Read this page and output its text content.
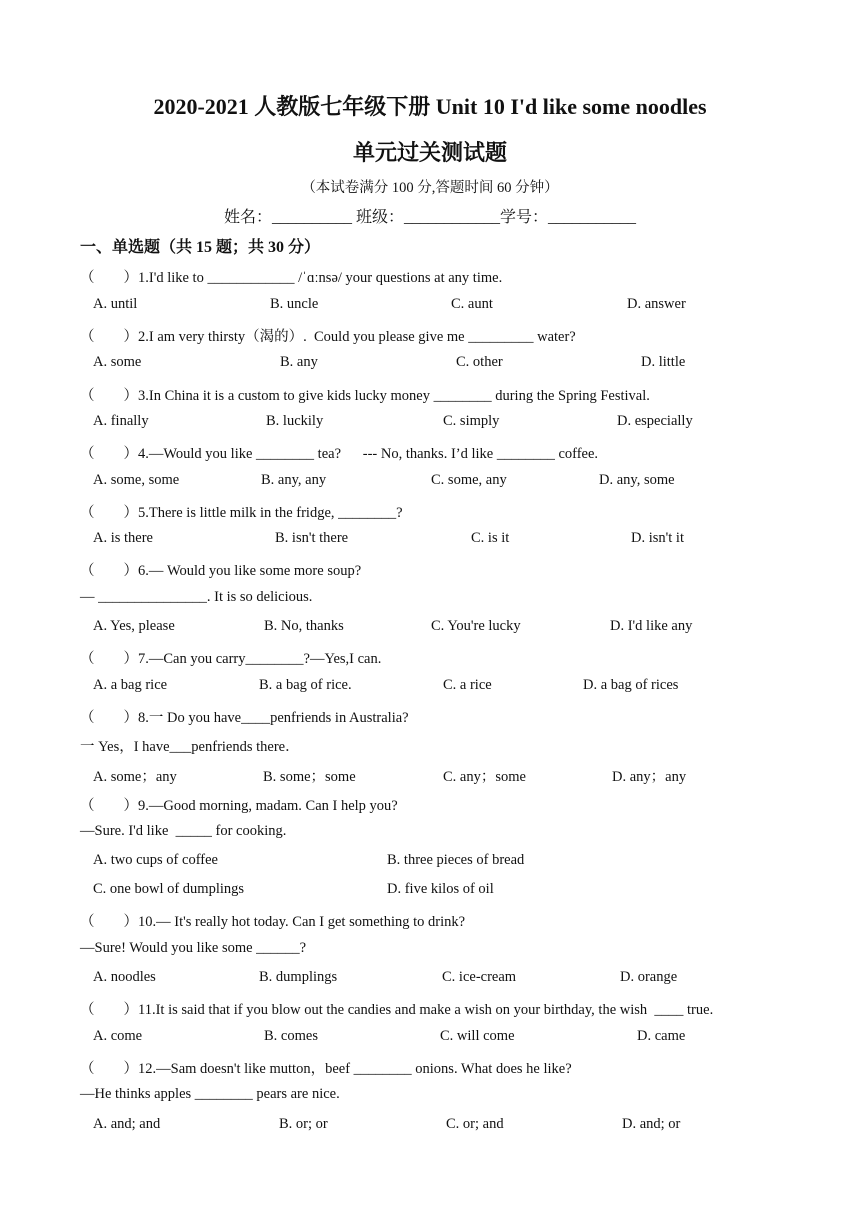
2020-2021 人教版七年级下册 Unit 10 I'd like some noodles
单元过关测试题
（本试卷满分 100 分,答题时间 60 分钟）
姓名：__________ 班级：____________学号：___________
一、单选题（共 15 题；共 30 分）
（　　）1.I'd like to ____________ /ˈɑːnsə/ your questions at any time.
A. until	B. uncle	C. aunt	D. answer
（　　）2.I am very thirsty（渴的）.  Could you please give me _________ water?
A. some	B. any	C. other	D. little
（　　）3.In China it is a custom to give kids lucky money ________ during the Spring Festival.
A. finally	B. luckily	C. simply	D. especially
（　　）4.—Would you like ________ tea?      --- No, thanks. I’d like ________ coffee.
A. some, some	B. any, any	C. some, any	D. any, some
（　　）5.There is little milk in the fridge, ________?
A. is there	B. isn't there	C. is it	D. isn't it
（　　）6.— Would you like some more soup?
— _______________. It is so delicious.
A. Yes, please	B. No, thanks	C. You're lucky	D. I'd like any
（　　）7.—Can you carry________?—Yes,I can.
A. a bag rice	B. a bag of rice.	C. a rice	D. a bag of rices
（　　）8.一 Do you have____penfriends in Australia?
一 Yes，I have___penfriends there．
A. some；any	B. some；some	C. any；some	D. any；any
（　　）9.—Good morning, madam. Can I help you?
—Sure. I'd like  _____ for cooking.
A. two cups of coffee	B. three pieces of bread
C. one bowl of dumplings	D. five kilos of oil
（　　）10.— It's really hot today. Can I get something to drink?
—Sure! Would you like some ______?
A. noodles	B. dumplings	C. ice-cream	D. orange
（　　）11.It is said that if you blow out the candies and make a wish on your birthday, the wish  ____ true.
A. come	B. comes	C. will come	D. came
（　　）12.—Sam doesn't like mutton，beef ________ onions. What does he like?
—He thinks apples ________ pears are nice.
A. and; and	B. or; or	C. or; and	D. and; or
